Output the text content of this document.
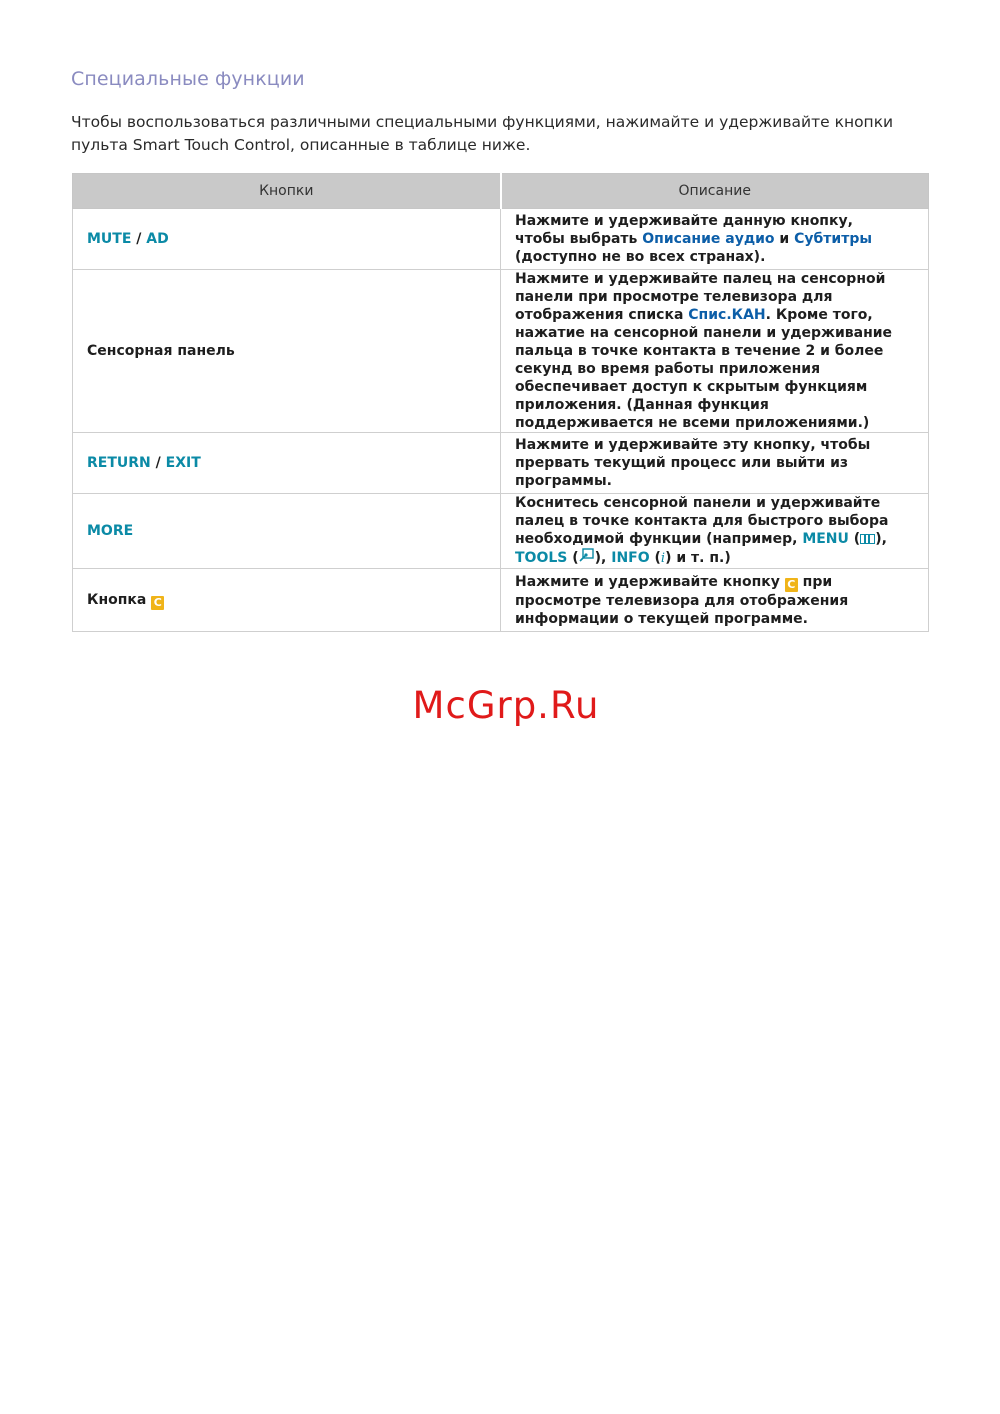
Специальные функции
Чтобы воспользоваться различными специальными функциями, нажимайте и удерживайте кнопки пульта Smart Touch Control, описанные в таблице ниже.
Кнопки	Описание
MUTE / AD	Нажмите и удерживайте данную кнопку, чтобы выбрать Описание аудио и Субтитры (доступно не во всех странах).
Сенсорная панель	Нажмите и удерживайте палец на сенсорной панели при просмотре телевизора для отображения списка Спис.КАН. Кроме того, нажатие на сенсорной панели и удерживание пальца в точке контакта в течение 2 и более секунд во время работы приложения обеспечивает доступ к скрытым функциям приложения. (Данная функция поддерживается не всеми приложениями.)
RETURN / EXIT	Нажмите и удерживайте эту кнопку, чтобы прервать текущий процесс или выйти из программы.
MORE	Коснитесь сенсорной панели и удерживайте палец в точке контакта для быстрого выбора необходимой функции (например, MENU ( ), TOOLS ( ), INFO (i) и т. п.)
Кнопка C	Нажмите и удерживайте кнопку C при просмотре телевизора для отображения информации о текущей программе.
McGrp.Ru
